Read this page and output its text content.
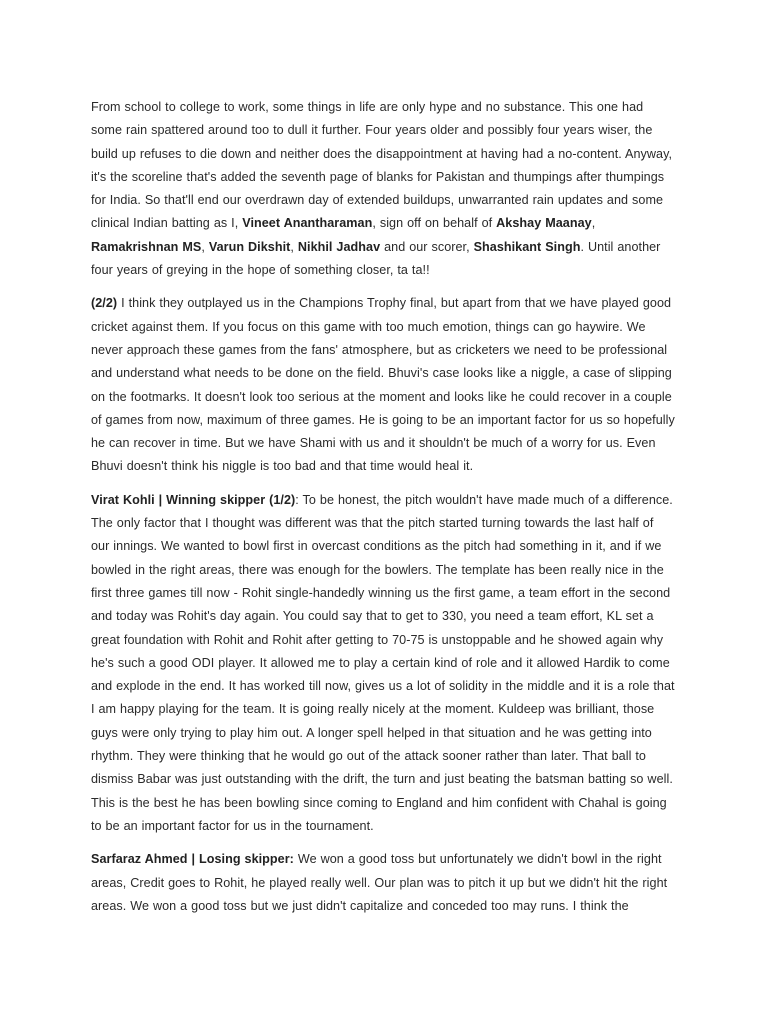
From school to college to work, some things in life are only hype and no substance. This one had some rain spattered around too to dull it further. Four years older and possibly four years wiser, the build up refuses to die down and neither does the disappointment at having had a no-content. Anyway, it's the scoreline that's added the seventh page of blanks for Pakistan and thumpings after thumpings for India. So that'll end our overdrawn day of extended buildups, unwarranted rain updates and some clinical Indian batting as I, Vineet Anantharaman, sign off on behalf of Akshay Maanay, Ramakrishnan MS, Varun Dikshit, Nikhil Jadhav and our scorer, Shashikant Singh. Until another four years of greying in the hope of something closer, ta ta!!

(2/2) I think they outplayed us in the Champions Trophy final, but apart from that we have played good cricket against them. If you focus on this game with too much emotion, things can go haywire. We never approach these games from the fans' atmosphere, but as cricketers we need to be professional and understand what needs to be done on the field. Bhuvi's case looks like a niggle, a case of slipping on the footmarks. It doesn't look too serious at the moment and looks like he could recover in a couple of games from now, maximum of three games. He is going to be an important factor for us so hopefully he can recover in time. But we have Shami with us and it shouldn't be much of a worry for us. Even Bhuvi doesn't think his niggle is too bad and that time would heal it.

Virat Kohli | Winning skipper (1/2): To be honest, the pitch wouldn't have made much of a difference. The only factor that I thought was different was that the pitch started turning towards the last half of our innings. We wanted to bowl first in overcast conditions as the pitch had something in it, and if we bowled in the right areas, there was enough for the bowlers. The template has been really nice in the first three games till now - Rohit single-handedly winning us the first game, a team effort in the second and today was Rohit's day again. You could say that to get to 330, you need a team effort, KL set a great foundation with Rohit and Rohit after getting to 70-75 is unstoppable and he showed again why he's such a good ODI player. It allowed me to play a certain kind of role and it allowed Hardik to come and explode in the end. It has worked till now, gives us a lot of solidity in the middle and it is a role that I am happy playing for the team. It is going really nicely at the moment. Kuldeep was brilliant, those guys were only trying to play him out. A longer spell helped in that situation and he was getting into rhythm. They were thinking that he would go out of the attack sooner rather than later. That ball to dismiss Babar was just outstanding with the drift, the turn and just beating the batsman batting so well. This is the best he has been bowling since coming to England and him confident with Chahal is going to be an important factor for us in the tournament.

Sarfaraz Ahmed | Losing skipper: We won a good toss but unfortunately we didn't bowl in the right areas, Credit goes to Rohit, he played really well. Our plan was to pitch it up but we didn't hit the right areas. We won a good toss but we just didn't capitalize and conceded too may runs. I think the
